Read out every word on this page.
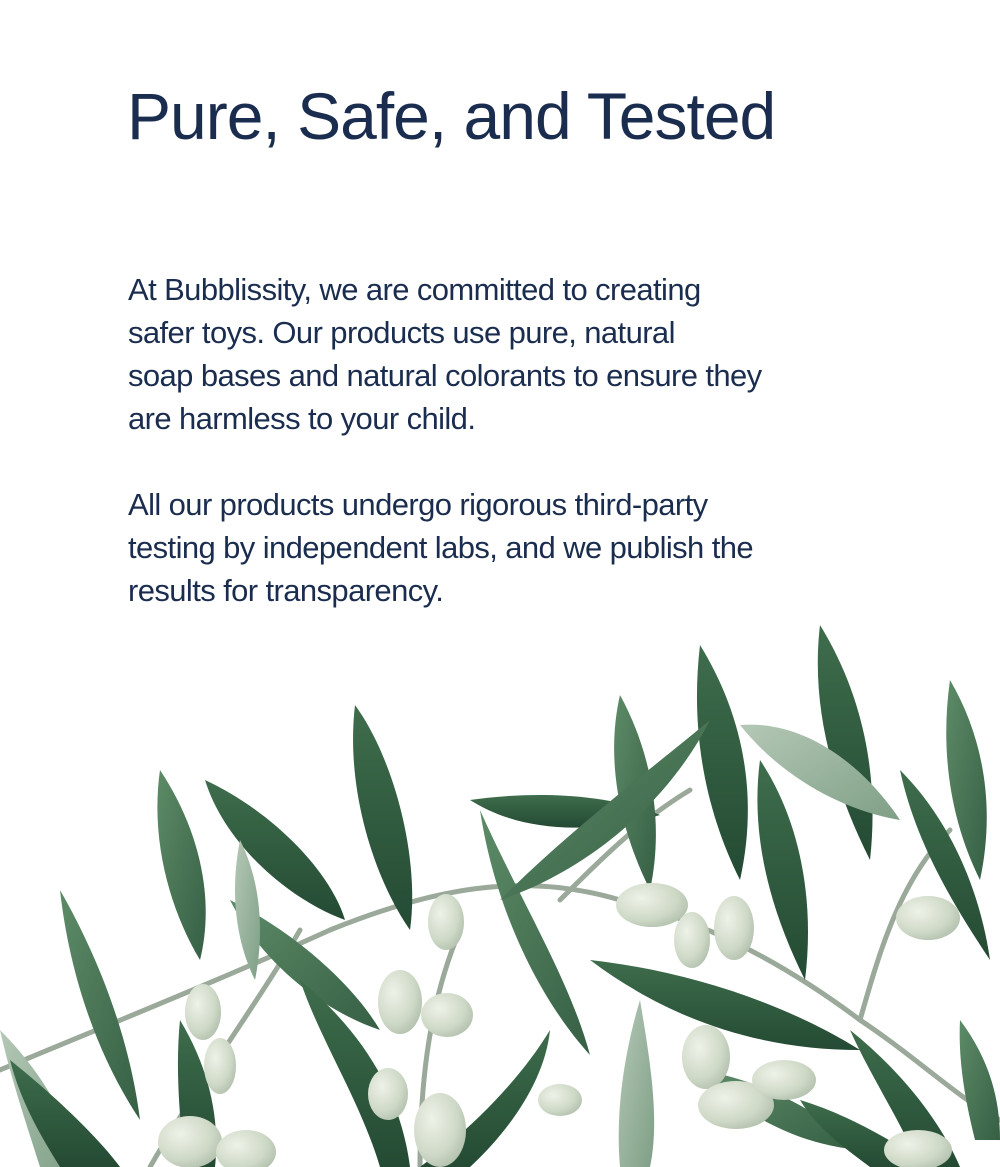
Pure, Safe, and Tested

At Bubblissity, we are committed to creating
safer toys. Our products use pure, natural
soap bases and natural colorants to ensure they
are harmless to your child.

All our products undergo rigorous third-party
testing by independent labs, and we publish the
results for transparency.
